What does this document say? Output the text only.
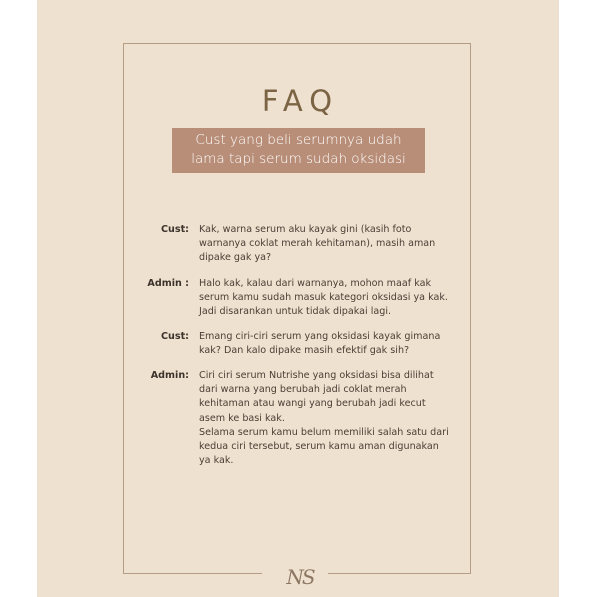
FAQ
Cust yang beli serumnya udah
lama tapi serum sudah oksidasi
Cust: Kak, warna serum aku kayak gini (kasih foto
warnanya coklat merah kehitaman), masih aman
dipake gak ya?
Admin : Halo kak, kalau dari warnanya, mohon maaf kak
serum kamu sudah masuk kategori oksidasi ya kak.
Jadi disarankan untuk tidak dipakai lagi.
Cust: Emang ciri-ciri serum yang oksidasi kayak gimana
kak? Dan kalo dipake masih efektif gak sih?
Admin: Ciri ciri serum Nutrishe yang oksidasi bisa dilihat
dari warna yang berubah jadi coklat merah
kehitaman atau wangi yang berubah jadi kecut
asem ke basi kak.
Selama serum kamu belum memiliki salah satu dari
kedua ciri tersebut, serum kamu aman digunakan
ya kak.
NS
